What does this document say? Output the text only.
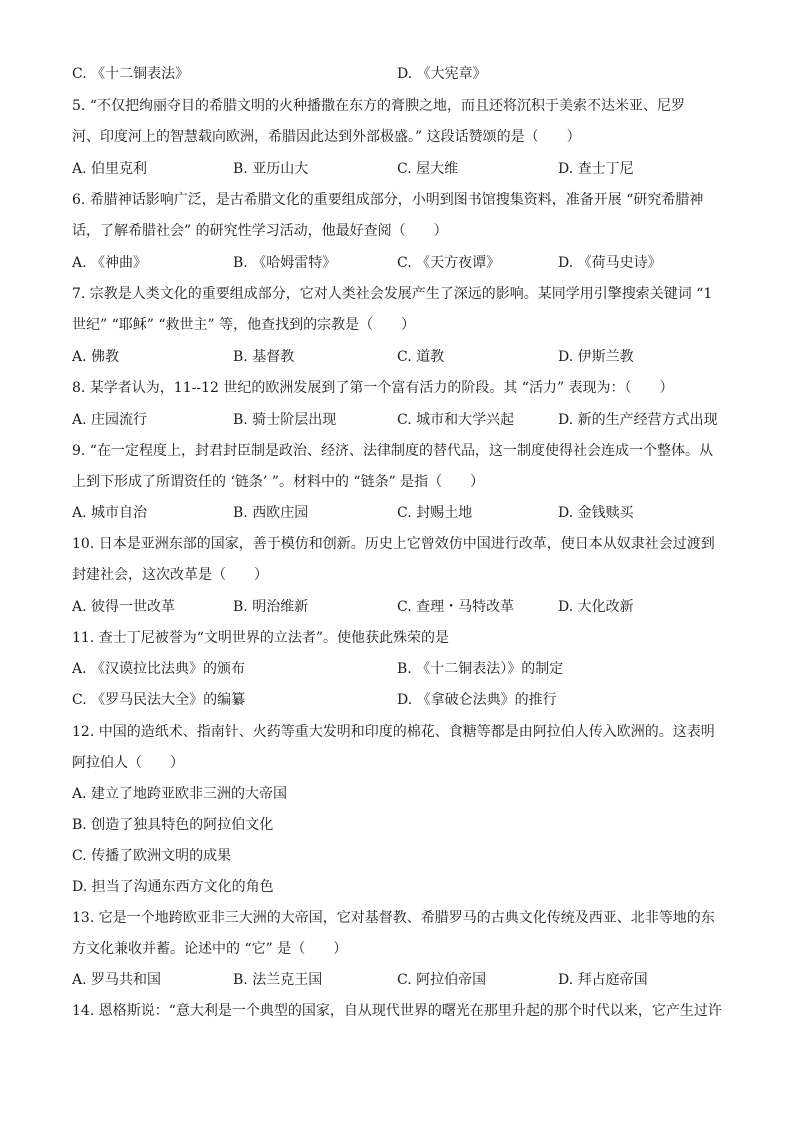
C. 《十二铜表法》	D. 《大宪章》
5. “不仅把绚丽夺目的希腊文明的火种播撒在东方的膏腴之地，而且还将沉积于美索不达米亚、尼罗
河、印度河上的智慧载向欧洲，希腊因此达到外部极盛。” 这段话赞颂的是（　　）
A. 伯里克利	B. 亚历山大	C. 屋大维	D. 查士丁尼
6. 希腊神话影响广泛，是古希腊文化的重要组成部分，小明到图书馆搜集资料，准备开展 “研究希腊神
话，了解希腊社会” 的研究性学习活动，他最好查阅（　　）
A. 《神曲》	B. 《哈姆雷特》	C. 《天方夜谭》	D. 《荷马史诗》
7. 宗教是人类文化的重要组成部分，它对人类社会发展产生了深远的影响。某同学用引擎搜索关键词 “1
世纪” “耶稣” “救世主” 等，他查找到的宗教是（　　）
A. 佛教	B. 基督教	C. 道教	D. 伊斯兰教
8. 某学者认为，11--12 世纪的欧洲发展到了第一个富有活力的阶段。其 “活力” 表现为：（　　）
A. 庄园流行	B. 骑士阶层出现	C. 城市和大学兴起	D. 新的生产经营方式出现
9. “在一定程度上，封君封臣制是政治、经济、法律制度的替代品，这一制度使得社会连成一个整体。从
上到下形成了所谓资任的 ‘链条’ ”。材料中的 “链条” 是指（　　）
A. 城市自治	B. 西欧庄园	C. 封赐土地	D. 金钱赎买
10. 日本是亚洲东部的国家，善于模仿和创新。历史上它曾效仿中国进行改革，使日本从奴隶社会过渡到
封建社会，这次改革是（　　）
A. 彼得一世改革	B. 明治维新	C. 查理・马特改革	D. 大化改新
11. 查士丁尼被誉为“文明世界的立法者”。使他获此殊荣的是
A. 《汉谟拉比法典》的颁布	B. 《十二铜表法）》的制定
C. 《罗马民法大全》的编纂	D. 《拿破仑法典》的推行
12. 中国的造纸术、指南针、火药等重大发明和印度的棉花、食糖等都是由阿拉伯人传入欧洲的。这表明
阿拉伯人（　　）
A. 建立了地跨亚欧非三洲的大帝国
B. 创造了独具特色的阿拉伯文化
C. 传播了欧洲文明的成果
D. 担当了沟通东西方文化的角色
13. 它是一个地跨欧亚非三大洲的大帝国，它对基督教、希腊罗马的古典文化传统及西亚、北非等地的东
方文化兼收并蓄。论述中的 “它” 是（　　）
A. 罗马共和国	B. 法兰克王国	C. 阿拉伯帝国	D. 拜占庭帝国
14. 恩格斯说：“意大利是一个典型的国家，自从现代世界的曙光在那里升起的那个时代以来，它产生过许
